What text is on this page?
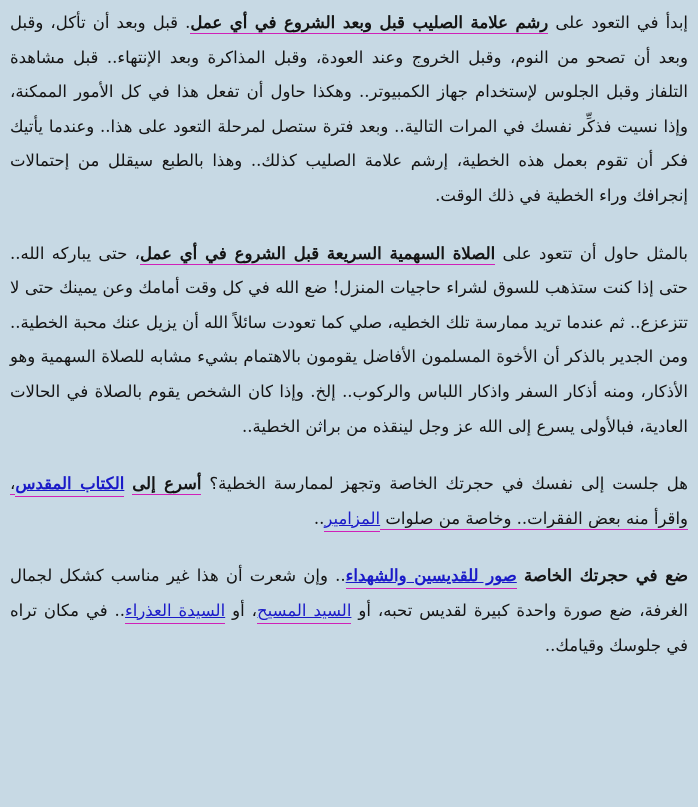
إبدأ في التعود على رشم علامة الصليب قبل وبعد الشروع في أي عمل. قبل وبعد أن تأكل، وقبل وبعد أن تصحو من النوم، وقبل الخروج وعند العودة، وقبل المذاكرة وبعد الإنتهاء.. قبل مشاهدة التلفاز وقبل الجلوس لإستخدام جهاز الكمبيوتر.. وهكذا حاول أن تفعل هذا في كل الأمور الممكنة، وإذا نسيت فذكِّر نفسك في المرات التالية.. وبعد فترة ستصل لمرحلة التعود على هذا.. وعندما يأتيك فكر أن تقوم بعمل هذه الخطية، إرشم علامة الصليب كذلك.. وهذا بالطبع سيقلل من إحتمالات إنجرافك وراء الخطية في ذلك الوقت.

بالمثل حاول أن تتعود على الصلاة السهمية السريعة قبل الشروع في أي عمل، حتى يباركه الله.. حتى إذا كنت ستذهب للسوق لشراء حاجيات المنزل! ضع الله في كل وقت أمامك وعن يمينك حتى لا تتزعزع.. ثم عندما تريد ممارسة تلك الخطيه، صلي كما تعودت سائلاً الله أن يزيل عنك محبة الخطية.. ومن الجدير بالذكر أن الأخوة المسلمون الأفاضل يقومون بالاهتمام بشيء مشابه للصلاة السهمية وهو الأذكار، ومنه أذكار السفر واذكار اللباس والركوب.. إلخ. وإذا كان الشخص يقوم بالصلاة في الحالات العادية، فبالأولى يسرع إلى الله عز وجل لينقذه من براثن الخطية..

هل جلست إلى نفسك في حجرتك الخاصة وتجهز لممارسة الخطية؟ أسرع إلى الكتاب المقدس، واقرأ منه بعض الفقرات.. وخاصة من صلوات المزامير..

ضع في حجرتك الخاصة صور للقديسين والشهداء.. وإن شعرت أن هذا غير مناسب كشكل لجمال الغرفة، ضع صورة واحدة كبيرة لقديس تحبه، أو السيد المسيح، أو السيدة العذراء.. في مكان تراه في جلوسك وقيامك..
